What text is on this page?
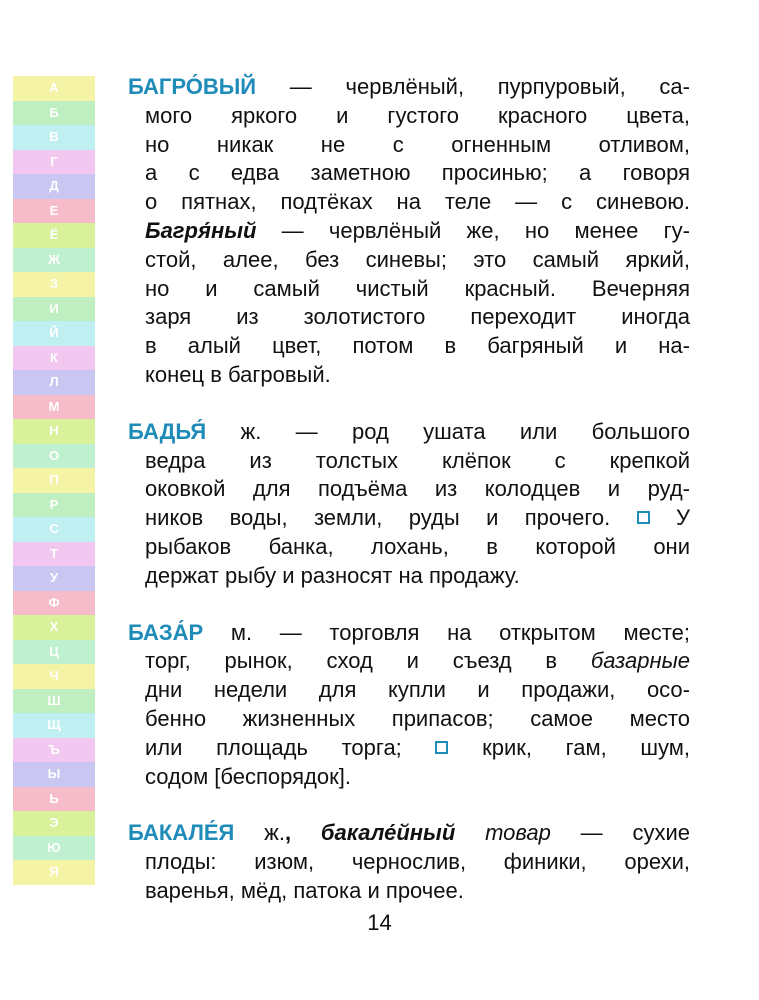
А
Б
В
Г
Д
Е
Ё
Ж
З
И
Й
К
Л
М
Н
О
П
Р
С
Т
У
Ф
Х
Ц
Ч
Ш
Щ
Ъ
Ы
Ь
Э
Ю
Я

БАГРО́ВЫЙ — червлёный, пурпуровый, са-
мого яркого и густого красного цвета,
но никак не с огненным отливом,
а с едва заметною просинью; а говоря
о пятнах, подтёках на теле — с синевою.
Багря́ный — червлёный же, но менее гу-
стой, алее, без синевы; это самый яркий,
но и самый чистый красный. Вечерняя
заря из золотистого переходит иногда
в алый цвет, потом в багряный и на-
конец в багровый.

БАДЬЯ́ ж. — род ушата или большого
ведра из толстых клёпок с крепкой
оковкой для подъёма из колодцев и руд-
ников воды, земли, руды и прочего.  У
рыбаков банка, лохань, в которой они
держат рыбу и разносят на продажу.

БАЗА́Р м. — торговля на открытом месте;
торг, рынок, сход и съезд в базарные
дни недели для купли и продажи, осо-
бенно жизненных припасов; самое место
или площадь торга;  крик, гам, шум,
содом [беспорядок].

БАКАЛЕ́Я ж., бакале́йный товар — сухие
плоды: изюм, чернослив, финики, орехи,
варенья, мёд, патока и прочее.

14
